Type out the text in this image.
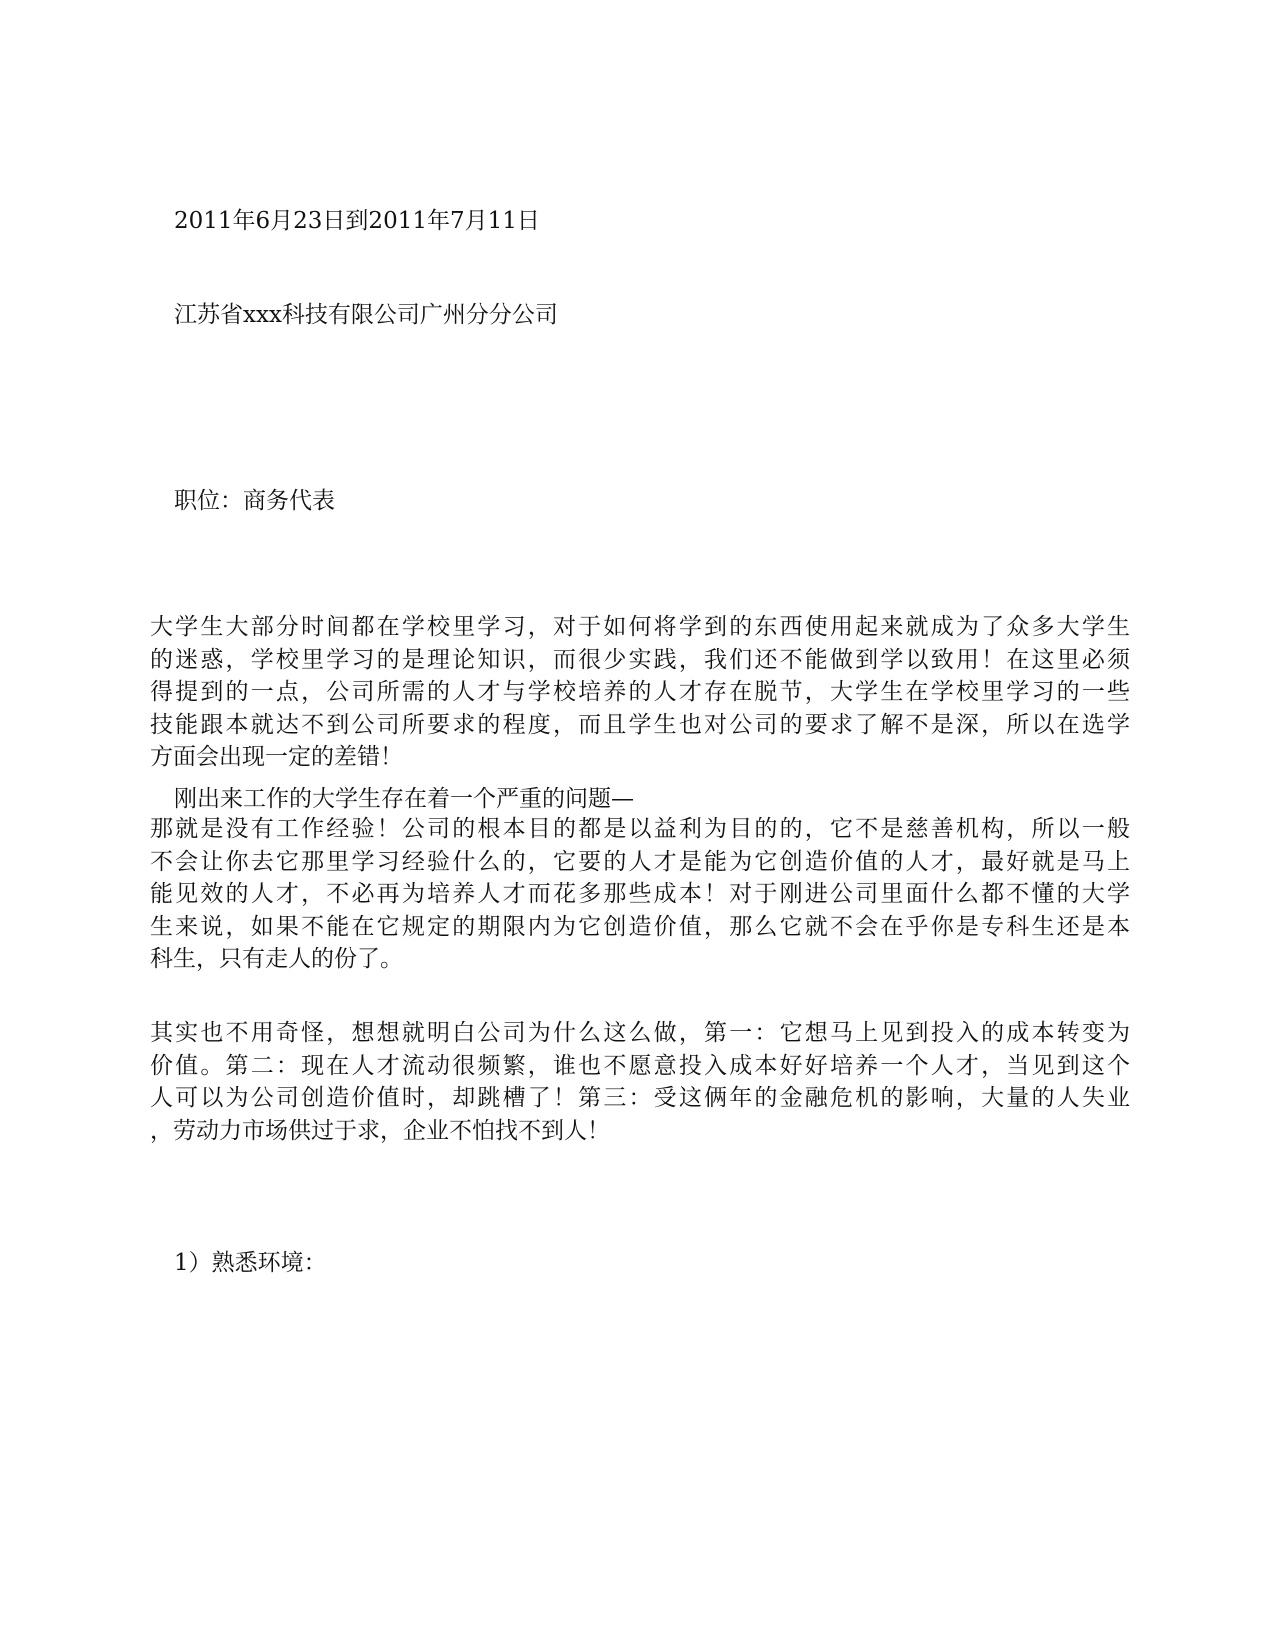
2011年6月23日到2011年7月11日

江苏省xxx科技有限公司广州分分公司

职位：商务代表

大学生大部分时间都在学校里学习，对于如何将学到的东西使用起来就成为了众多大学生
的迷惑，学校里学习的是理论知识，而很少实践，我们还不能做到学以致用！在这里必须
得提到的一点，公司所需的人才与学校培养的人才存在脱节，大学生在学校里学习的一些
技能跟本就达不到公司所要求的程度，而且学生也对公司的要求了解不是深，所以在选学
方面会出现一定的差错！

刚出来工作的大学生存在着一个严重的问题—

那就是没有工作经验！公司的根本目的都是以益利为目的的，它不是慈善机构，所以一般
不会让你去它那里学习经验什么的，它要的人才是能为它创造价值的人才，最好就是马上
能见效的人才，不必再为培养人才而花多那些成本！对于刚进公司里面什么都不懂的大学
生来说，如果不能在它规定的期限内为它创造价值，那么它就不会在乎你是专科生还是本
科生，只有走人的份了。
其实也不用奇怪，想想就明白公司为什么这么做，第一：它想马上见到投入的成本转变为
价值。第二：现在人才流动很频繁，谁也不愿意投入成本好好培养一个人才，当见到这个
人可以为公司创造价值时，却跳槽了！第三：受这俩年的金融危机的影响，大量的人失业
，劳动力市场供过于求，企业不怕找不到人！

1）熟悉环境：
